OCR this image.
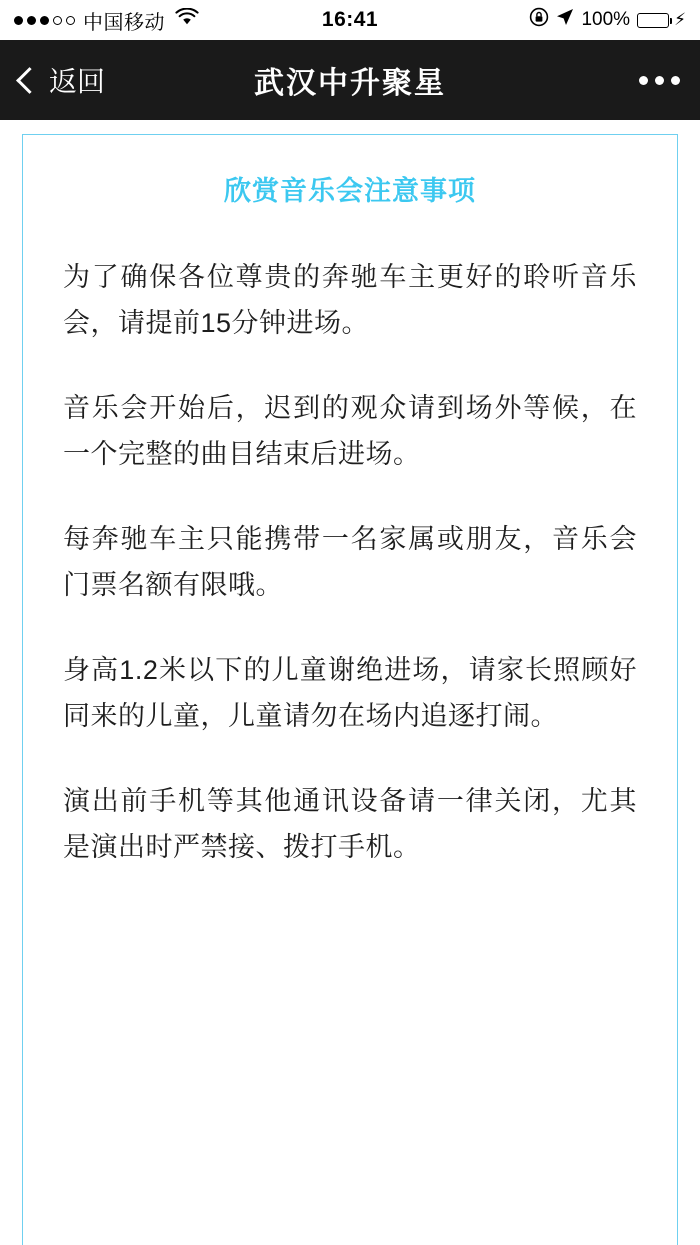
中国移动	16:41	100%	⚡
返回	武汉中升聚星
欣赏音乐会注意事项

为了确保各位尊贵的奔驰车主更好的聆听音乐会，请提前15分钟进场。

音乐会开始后，迟到的观众请到场外等候，在一个完整的曲目结束后进场。

每奔驰车主只能携带一名家属或朋友，音乐会门票名额有限哦。

身高1.2米以下的儿童谢绝进场，请家长照顾好同来的儿童，儿童请勿在场内追逐打闹。

演出前手机等其他通讯设备请一律关闭，尤其是演出时严禁接、拨打手机。
